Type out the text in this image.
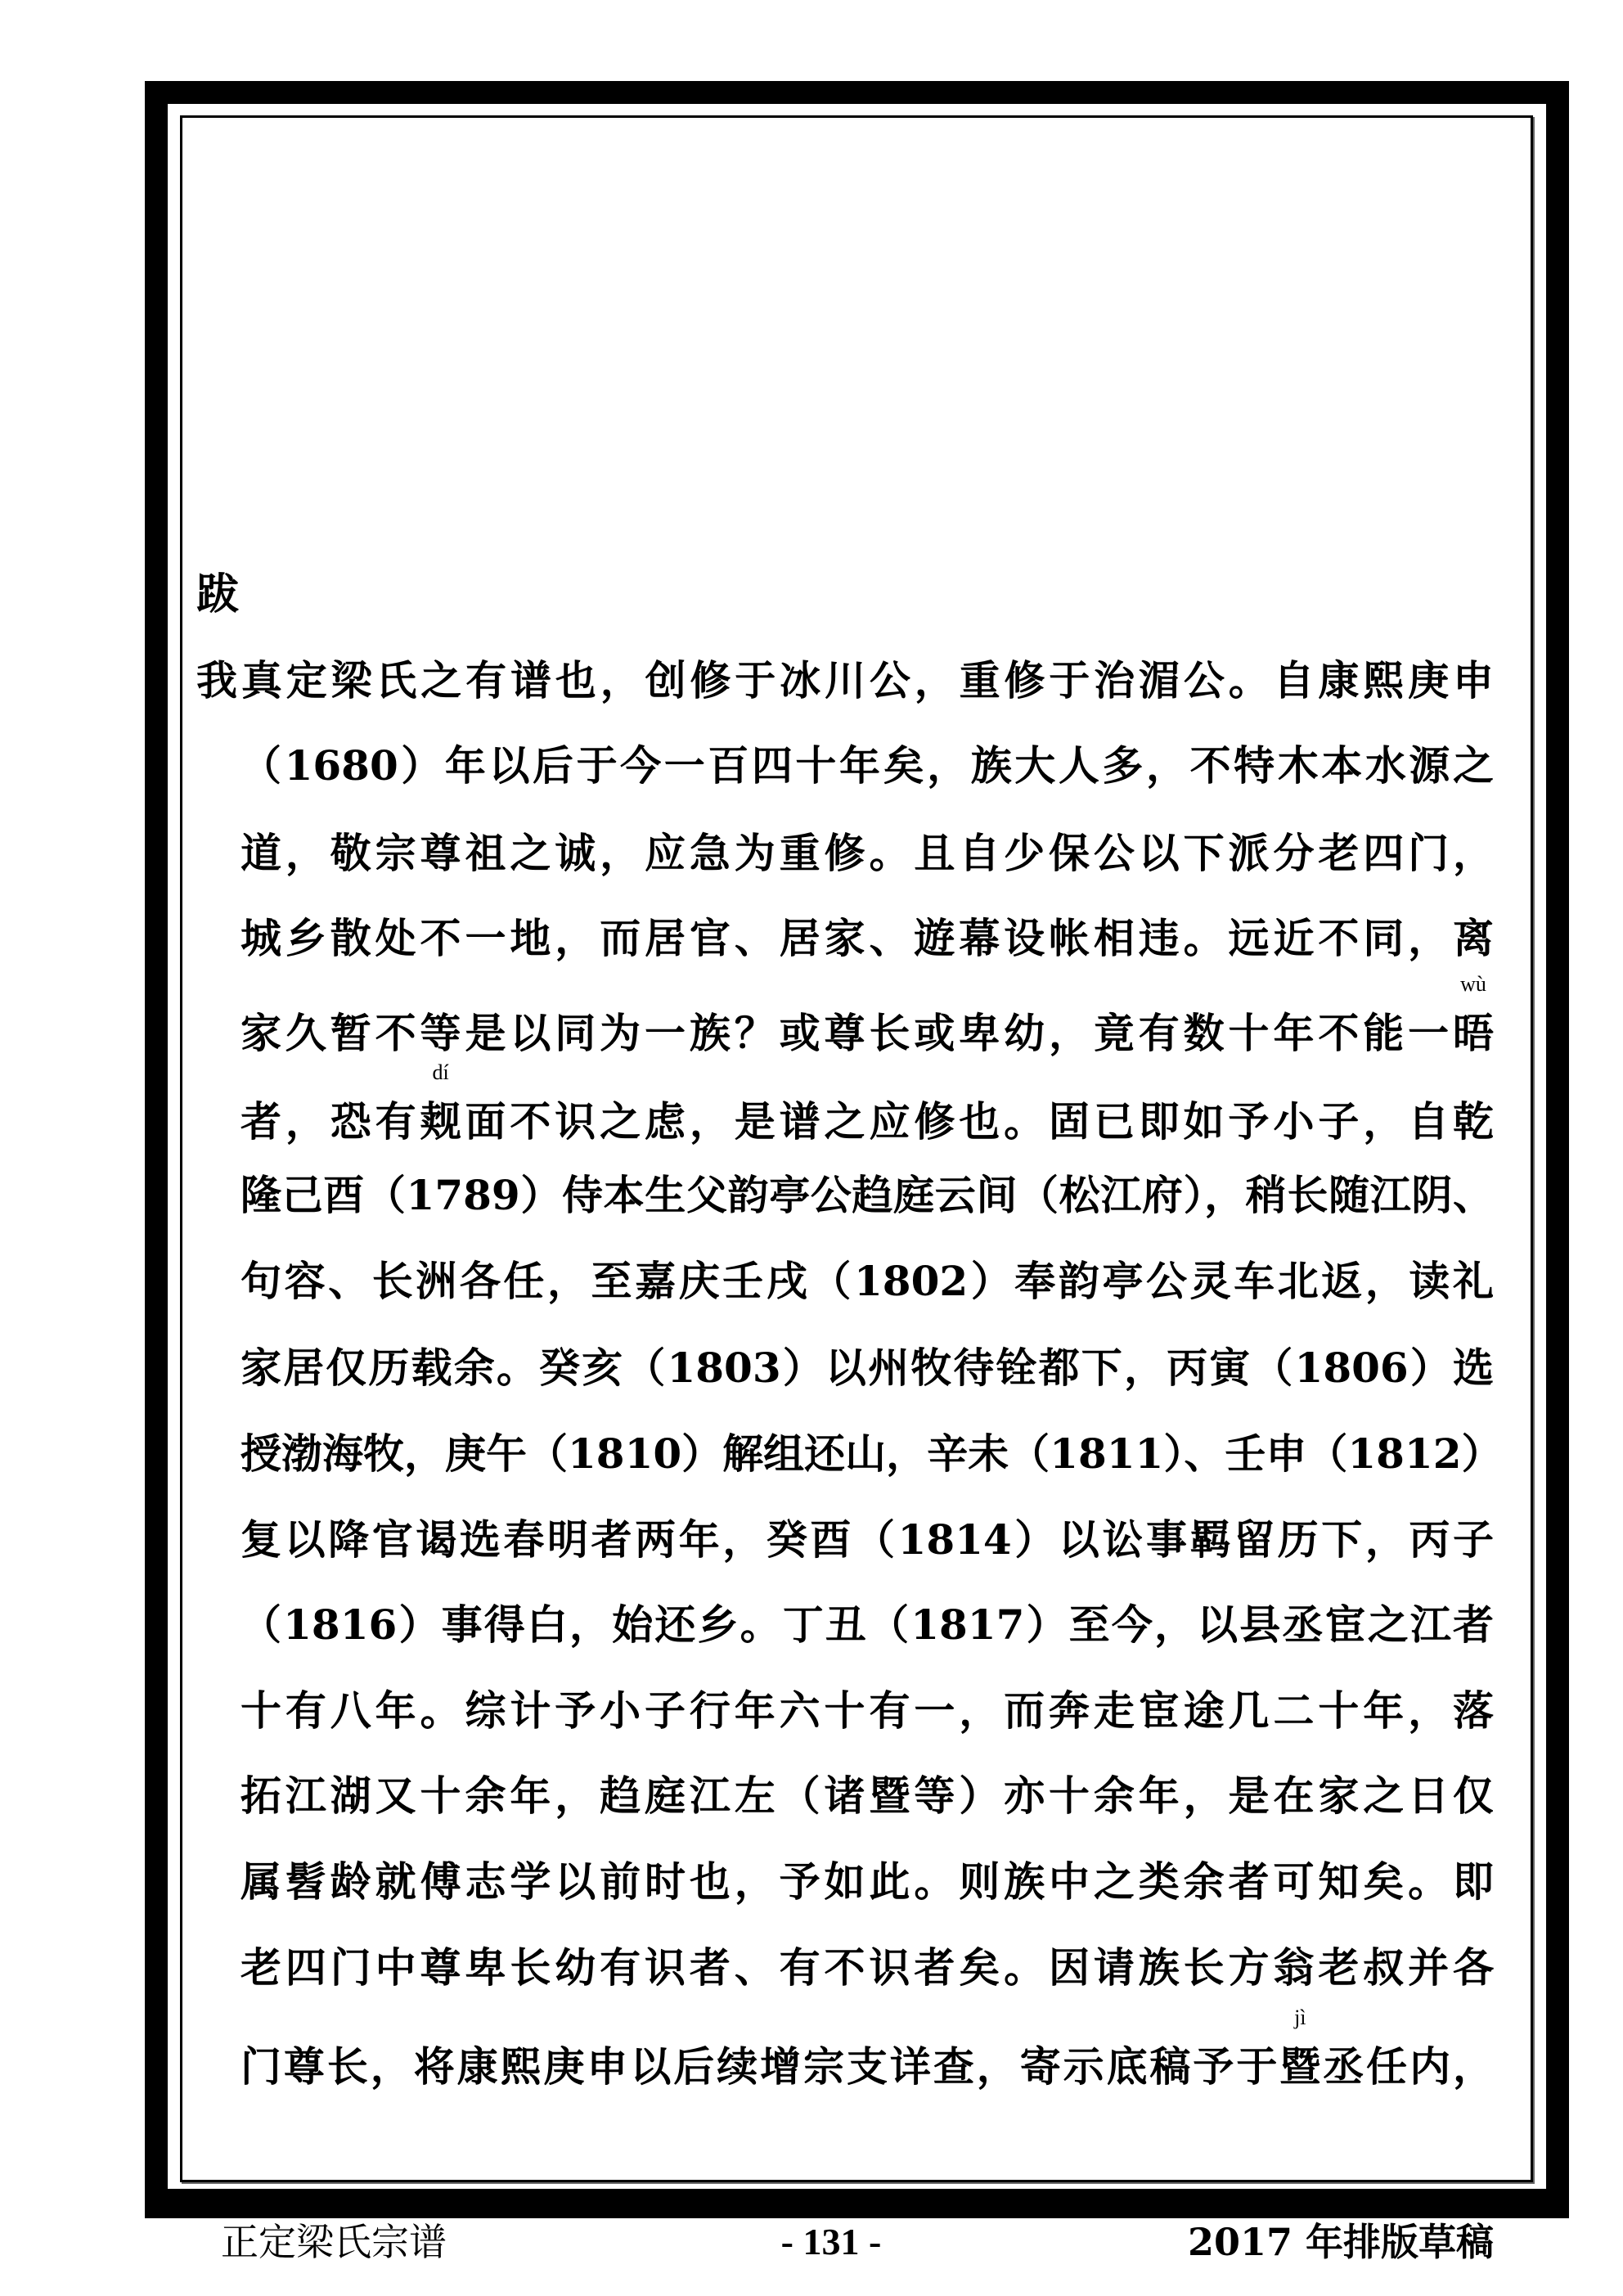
跋
我真定梁氏之有谱也，创修于冰川公，重修于治湄公。自康熙庚申
（1680）年以后于今一百四十年矣，族大人多，不特木本水源之
道，敬宗尊祖之诚，应急为重修。且自少保公以下派分老四门，
城乡散处不一地，而居官、居家、遊幕设帐相违。远近不同，离
家久暂不等是以同为一族？或尊长或卑幼，竟有数十年不能一晤
wù
者，恐有觌
dí
面不识之虑，是谱之应修也。固已即如予小子，自乾
隆己酉（1789）侍本生父韵亭公趋庭云间（松江府），稍长随江阴、
句容、长洲各任，至嘉庆壬戌（1802）奉韵亭公灵车北返，读礼
家居仅历载余。癸亥（1803）以州牧待铨都下，丙寅（1806）选
授渤海牧，庚午（1810）解组还山，辛未（1811）、壬申（1812）
复以降官谒选春明者两年，癸酉（1814）以讼事羁留历下，丙子
（1816）事得白，始还乡。丁丑（1817）至今，以县丞宦之江者
十有八年。综计予小子行年六十有一，而奔走宦途几二十年，落
拓江湖又十余年，趋庭江左（诸暨等）亦十余年，是在家之日仅
属髫龄就傅志学以前时也，予如此。则族中之类余者可知矣。即
老四门中尊卑长幼有识者、有不识者矣。因请族长方翁老叔并各
门尊长，将康熙庚申以后续增宗支详查，寄示底稿予于暨
jì
丞任内，
- 131 -
正定梁氏宗谱	2017 年排版草稿
